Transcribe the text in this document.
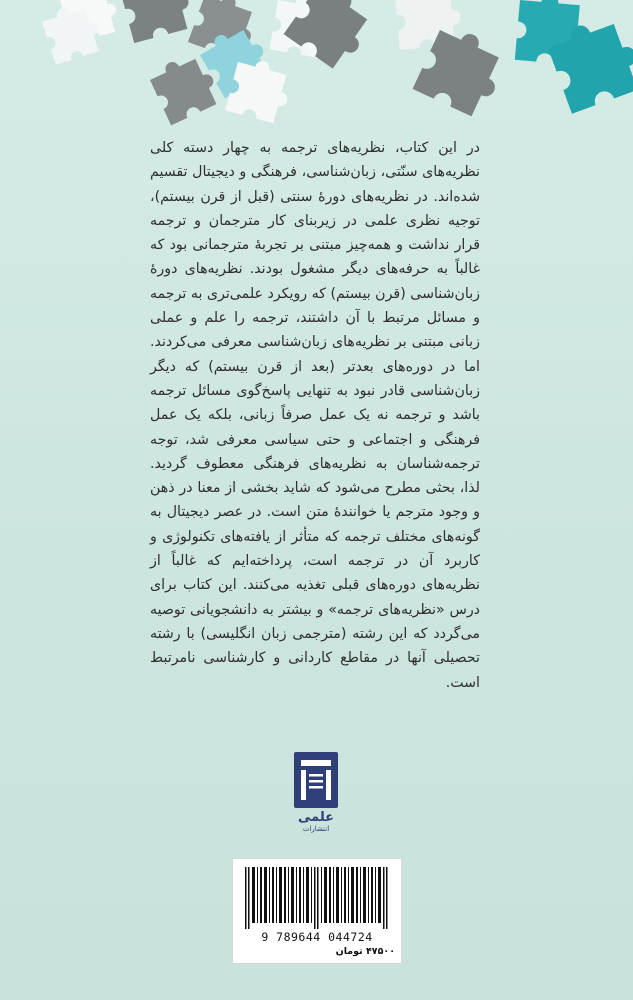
در این کتاب، نظریه‌های ترجمه به چهار دسته کلی نظریه‌های سنّتی، زبان‌شناسی، فرهنگی و دیجیتال تقسیم شده‌اند. در نظریه‌های دورهٔ سنتی (قبل از قرن بیستم)، توجیه نظری علمی در زیربنای کار مترجمان و ترجمه قرار نداشت و همه‌چیز مبتنی بر تجربهٔ مترجمانی بود که غالباً به حرفه‌های دیگر مشغول بودند. نظریه‌های دورهٔ زبان‌شناسی (قرن بیستم) که رویکرد علمی‌تری به ترجمه و مسائل مرتبط با آن داشتند، ترجمه را علم و عملی زبانی مبتنی بر نظریه‌های زبان‌شناسی معرفی می‌کردند. اما در دوره‌های بعدتر (بعد از قرن بیستم) که دیگر زبان‌شناسی قادر نبود به تنهایی پاسخ‌گوی مسائل ترجمه باشد و ترجمه نه یک عمل صرفاً زبانی، بلکه یک عمل فرهنگی و اجتماعی و حتی سیاسی معرفی شد، توجه ترجمه‌شناسان به نظریه‌های فرهنگی معطوف گردید. لذا، بحثی مطرح می‌شود که شاید بخشی از معنا در ذهن و وجود مترجم یا خوانندهٔ متن است. در عصر دیجیتال به گونه‌های مختلف ترجمه که متأثر از یافته‌های تکنولوژی و کاربرد آن در ترجمه است، پرداخته‌ایم که غالباً از نظریه‌های دوره‌های قبلی تغذیه می‌کنند. این کتاب برای درس «نظریه‌های ترجمه» و بیشتر به دانشجویانی توصیه می‌گردد که این رشته (مترجمی زبان انگلیسی) با رشته تحصیلی آنها در مقاطع کاردانی و کارشناسی نامرتبط است.

علمی
انتشارات
9 789644 044724
۴۷۵۰۰ تومان
